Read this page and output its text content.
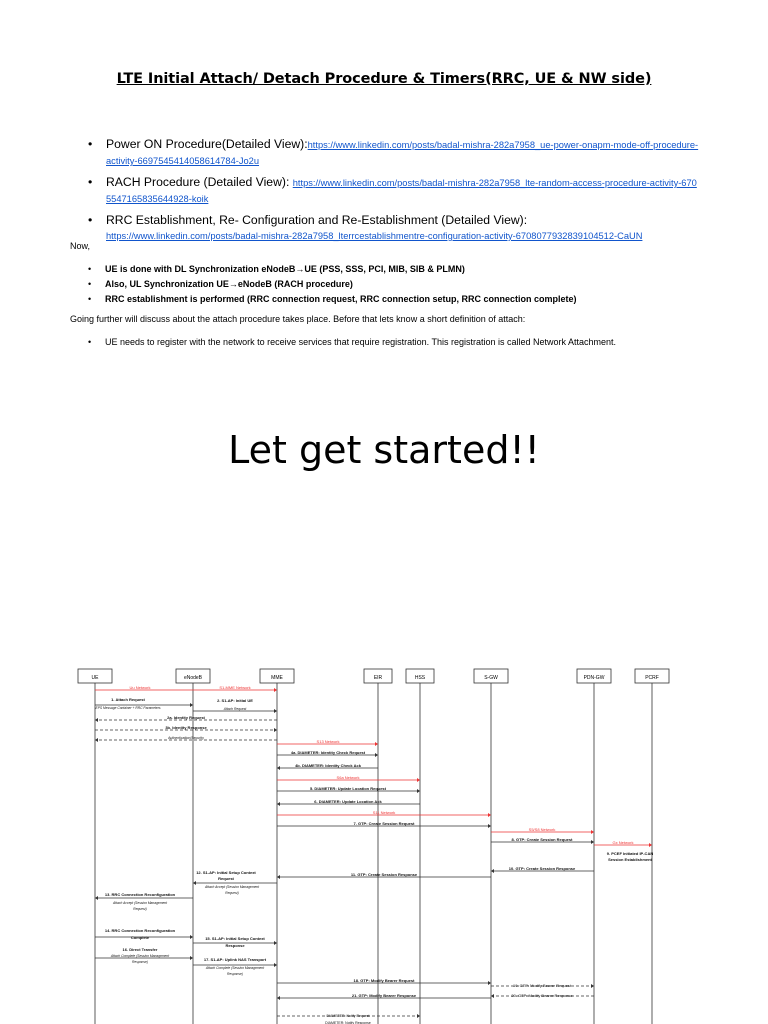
LTE Initial Attach/ Detach Procedure & Timers(RRC, UE & NW side)
• Power ON Procedure(Detailed View):https://www.linkedin.com/posts/badal-mishra-282a7958_ue-power-onapm-mode-off-procedure-activity-6697545414058614784-Jo2u
• RACH Procedure (Detailed View): https://www.linkedin.com/posts/badal-mishra-282a7958_lte-random-access-procedure-activity-6705547165835644928-koik
• RRC Establishment, Re- Configuration and Re-Establishment (Detailed View):
https://www.linkedin.com/posts/badal-mishra-282a7958_lterrcestablishmentre-configuration-activity-6708077932839104512-CaUN
Now,
• UE is done with DL Synchronization eNodeB→UE (PSS, SSS, PCI, MIB, SIB & PLMN)
• Also, UL Synchronization UE→eNodeB (RACH procedure)
• RRC establishment is performed (RRC connection request, RRC connection setup, RRC connection complete)
Going further will discuss about the attach procedure takes place. Before that lets know a short definition of attach:
• UE needs to register with the network to receive services that require registration. This registration is called Network Attachment.
Let get started!!
UE	eNodeB	MME	EIR	HSS	S-GW	PDN-GW	PCRF
Uu Network	S1-MME Network
S13 Network
S6a Network
S11 Network
S5/S8 Network
Gx Network
1. Attach Request
EPS Message Container + RRC Parameters
2. S1-AP: Initial UE
Attach Request
2a. Identity Request
3b. Identity Response
Authentication/Security
4a. DIAMETER: Identity Check Request
4b. DIAMETER: Identity Check Ack
5. DIAMETER: Update Location Request
6. DIAMETER: Update Location Ack
7. GTP: Create Session Request
8. GTP: Create Session Request
9. PCEF Initiated IP-CAN
Session Establishment
10. GTP: Create Session Response
11. GTP: Create Session Response
12. S1-AP: Initial Setup Context
Request
Attach Accept (Session Management
Request)
13. RRC Connection Reconfiguration
Attach Accept (Session Management
Request)
14. RRC Connection Reconfiguration
Complete	15. S1-AP: Initial Setup Context
Response
16. Direct Transfer
Attach Complete (Session Management
Response)	17. S1-AP: Uplink NAS Transport
Attach Complete (Session Management
Response)
18. GTP: Modify Bearer Request
19. GTP: Modify Bearer Request
21. GTP: Modify Bearer Response	20. GTP: Modify Bearer Response
DIAMETER: Notify Request
DIAMETER: Notify Response
